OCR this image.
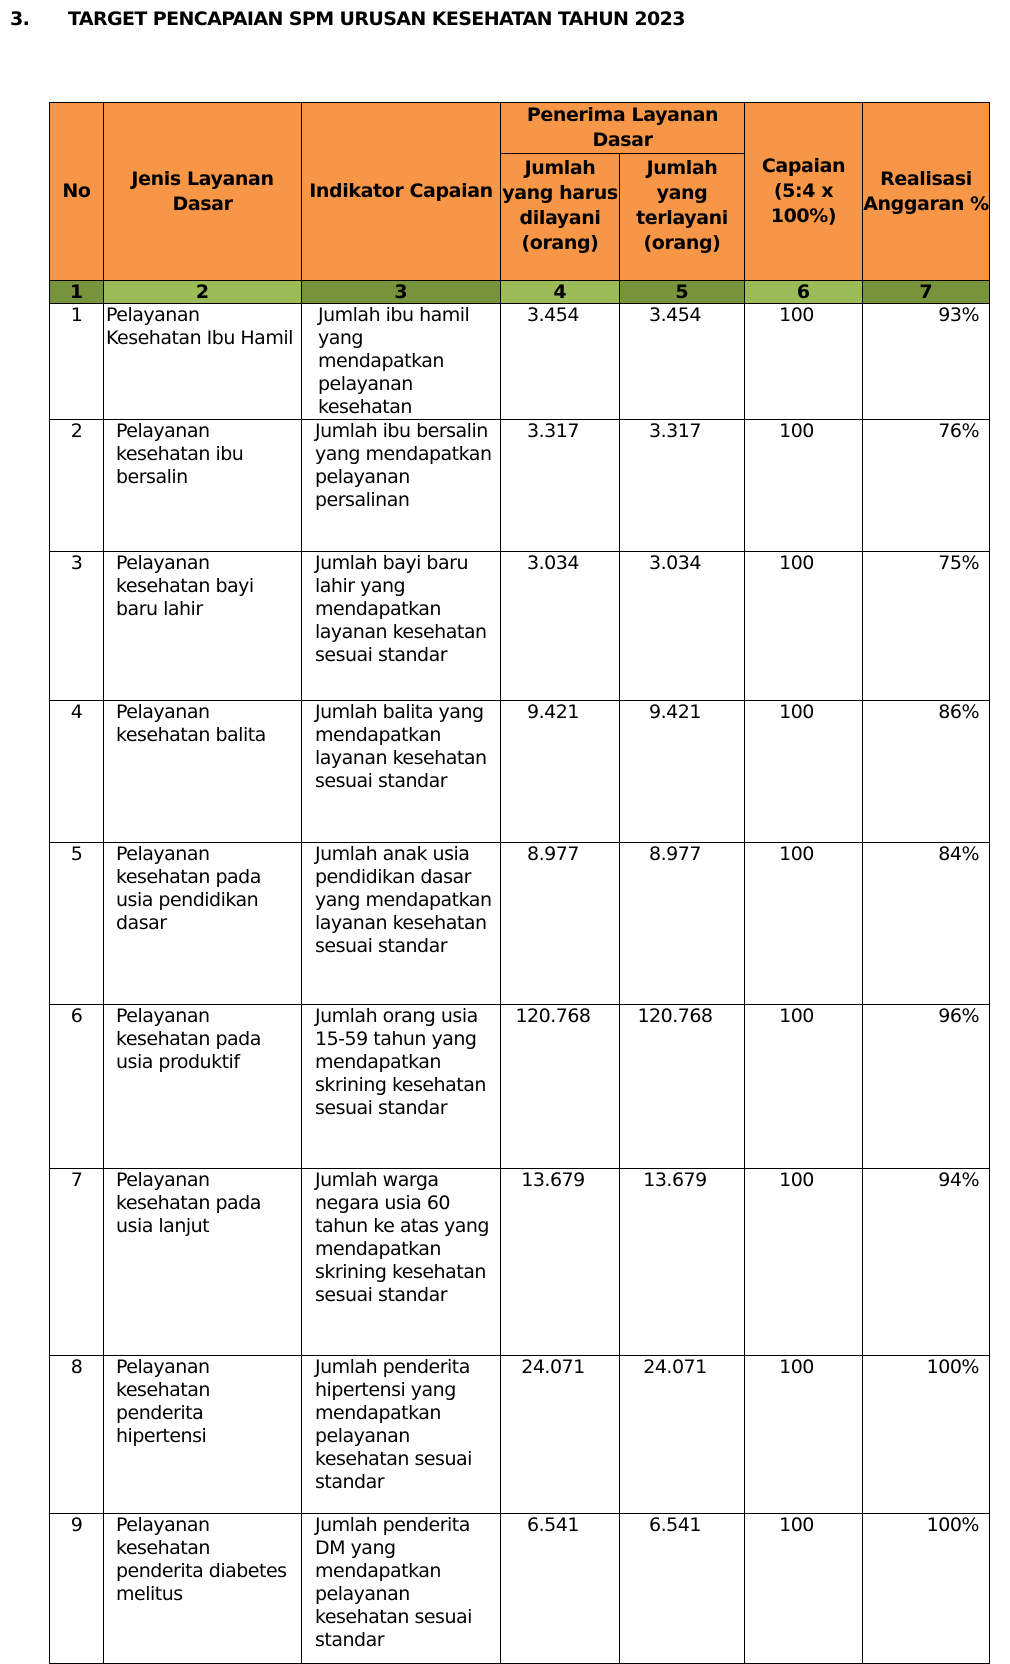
3. TARGET PENCAPAIAN SPM URUSAN KESEHATAN TAHUN 2023
No	Jenis Layanan Dasar	Indikator Capaian	Penerima Layanan Dasar		Capaian (5:4 x 100%)	Realisasi Anggaran %
			Jumlah yang harus dilayani (orang)	Jumlah yang terlayani (orang)		
1	2	3	4	5	6	7
1	Pelayanan Kesehatan Ibu Hamil	Jumlah ibu hamil yang mendapatkan pelayanan kesehatan	3.454	3.454	100	93%
2	Pelayanan kesehatan ibu bersalin	Jumlah ibu bersalin yang mendapatkan pelayanan persalinan	3.317	3.317	100	76%
3	Pelayanan kesehatan bayi baru lahir	Jumlah bayi baru lahir yang mendapatkan layanan kesehatan sesuai standar	3.034	3.034	100	75%
4	Pelayanan kesehatan balita	Jumlah balita yang mendapatkan layanan kesehatan sesuai standar	9.421	9.421	100	86%
5	Pelayanan kesehatan pada usia pendidikan dasar	Jumlah anak usia pendidikan dasar yang mendapatkan layanan kesehatan sesuai standar	8.977	8.977	100	84%
6	Pelayanan kesehatan pada usia produktif	Jumlah orang usia 15-59 tahun yang mendapatkan skrining kesehatan sesuai standar	120.768	120.768	100	96%
7	Pelayanan kesehatan pada usia lanjut	Jumlah warga negara usia 60 tahun ke atas yang mendapatkan skrining kesehatan sesuai standar	13.679	13.679	100	94%
8	Pelayanan kesehatan penderita hipertensi	Jumlah penderita hipertensi yang mendapatkan pelayanan kesehatan sesuai standar	24.071	24.071	100	100%
9	Pelayanan kesehatan penderita diabetes melitus	Jumlah penderita DM yang mendapatkan pelayanan kesehatan sesuai standar	6.541	6.541	100	100%
